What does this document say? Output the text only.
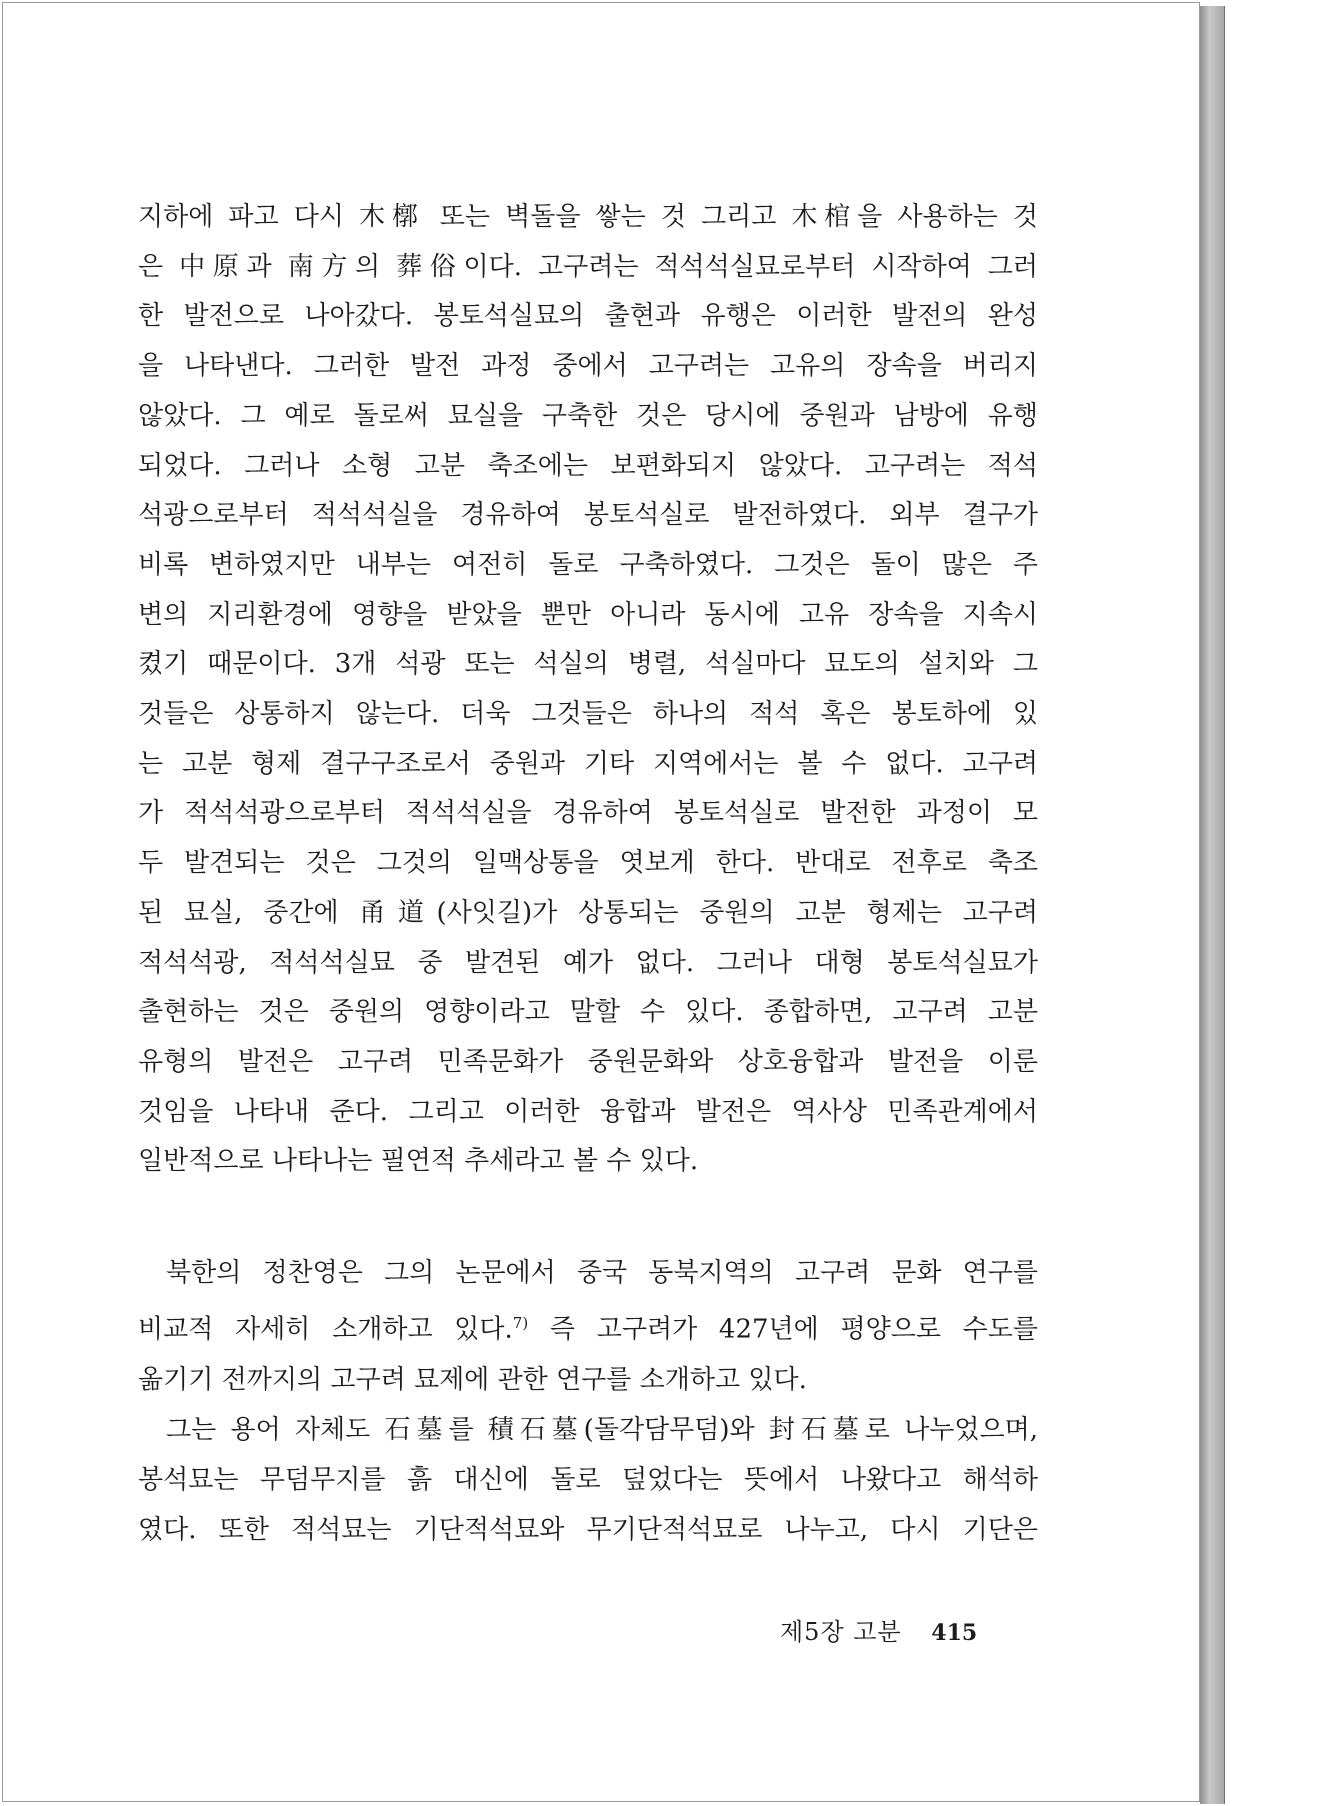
지하에 파고 다시 木槨 또는 벽돌을 쌓는 것 그리고 木棺을 사용하는 것
은 中原과 南方의 葬俗이다. 고구려는 적석석실묘로부터 시작하여 그러
한 발전으로 나아갔다. 봉토석실묘의 출현과 유행은 이러한 발전의 완성
을 나타낸다. 그러한 발전 과정 중에서 고구려는 고유의 장속을 버리지
않았다. 그 예로 돌로써 묘실을 구축한 것은 당시에 중원과 남방에 유행
되었다. 그러나 소형 고분 축조에는 보편화되지 않았다. 고구려는 적석
석광으로부터 적석석실을 경유하여 봉토석실로 발전하였다. 외부 결구가
비록 변하였지만 내부는 여전히 돌로 구축하였다. 그것은 돌이 많은 주
변의 지리환경에 영향을 받았을 뿐만 아니라 동시에 고유 장속을 지속시
켰기 때문이다. 3개 석광 또는 석실의 병렬, 석실마다 묘도의 설치와 그
것들은 상통하지 않는다. 더욱 그것들은 하나의 적석 혹은 봉토하에 있
는 고분 형제 결구구조로서 중원과 기타 지역에서는 볼 수 없다. 고구려
가 적석석광으로부터 적석석실을 경유하여 봉토석실로 발전한 과정이 모
두 발견되는 것은 그것의 일맥상통을 엿보게 한다. 반대로 전후로 축조
된 묘실, 중간에 甬道(사잇길)가 상통되는 중원의 고분 형제는 고구려
적석석광, 적석석실묘 중 발견된 예가 없다. 그러나 대형 봉토석실묘가
출현하는 것은 중원의 영향이라고 말할 수 있다. 종합하면, 고구려 고분
유형의 발전은 고구려 민족문화가 중원문화와 상호융합과 발전을 이룬
것임을 나타내 준다. 그리고 이러한 융합과 발전은 역사상 민족관계에서
일반적으로 나타나는 필연적 추세라고 볼 수 있다.
북한의 정찬영은 그의 논문에서 중국 동북지역의 고구려 문화 연구를
비교적 자세히 소개하고 있다.$^{7)}$ 즉 고구려가 427년에 평양으로 수도를
옮기기 전까지의 고구려 묘제에 관한 연구를 소개하고 있다.
그는 용어 자체도 石墓를 積石墓(돌각담무덤)와 封石墓로 나누었으며,
봉석묘는 무덤무지를 흙 대신에 돌로 덮었다는 뜻에서 나왔다고 해석하
였다. 또한 적석묘는 기단적석묘와 무기단적석묘로 나누고, 다시 기단은
제5장 고분 415
